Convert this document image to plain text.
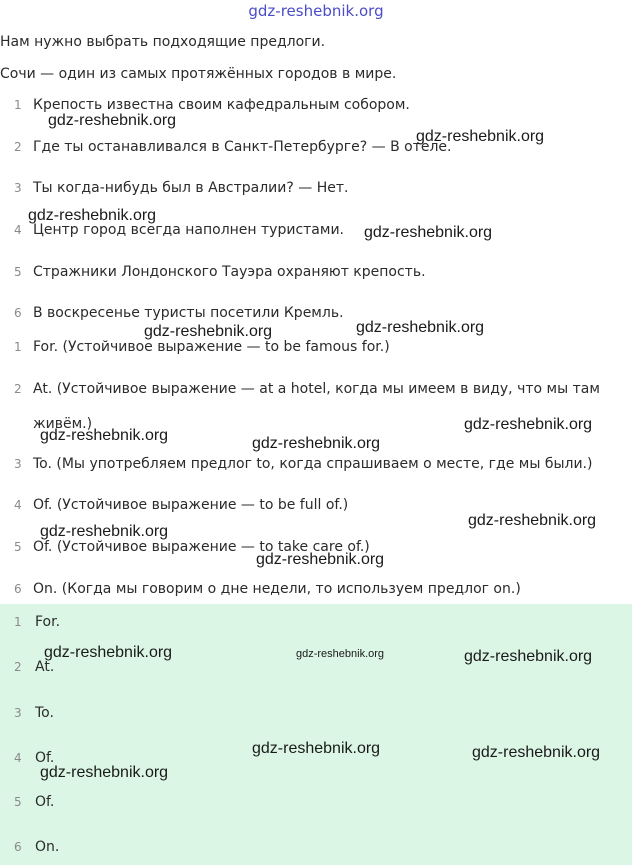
gdz-reshebnik.org
Нам нужно выбрать подходящие предлоги.
Сочи — один из самых протяжённых городов в мире.
1 Крепость известна своим кафедральным собором.
2 Где ты останавливался в Санкт-Петербурге? — В отеле.
3 Ты когда-нибудь был в Австралии? — Нет.
4 Центр город всегда наполнен туристами.
5 Стражники Лондонского Тауэра охраняют крепость.
6 В воскресенье туристы посетили Кремль.
1 For. (Устойчивое выражение — to be famous for.)
2 At. (Устойчивое выражение — at a hotel, когда мы имеем в виду, что мы там живём.)
3 To. (Мы употребляем предлог to, когда спрашиваем о месте, где мы были.)
4 Of. (Устойчивое выражение — to be full of.)
5 Of. (Устойчивое выражение — to take care of.)
6 On. (Когда мы говорим о дне недели, то используем предлог on.)
1 For.
2 At.
3 To.
4 Of.
5 Of.
6 On.
gdz-reshebnik.org
gdz-reshebnik.org
gdz-reshebnik.org
gdz-reshebnik.org
gdz-reshebnik.org	gdz-reshebnik.org
gdz-reshebnik.org
gdz-reshebnik.org	gdz-reshebnik.org
gdz-reshebnik.org
gdz-reshebnik.org
gdz-reshebnik.org
gdz-reshebnik.org	gdz-reshebnik.org	gdz-reshebnik.org
gdz-reshebnik.org	gdz-reshebnik.org
gdz-reshebnik.org
